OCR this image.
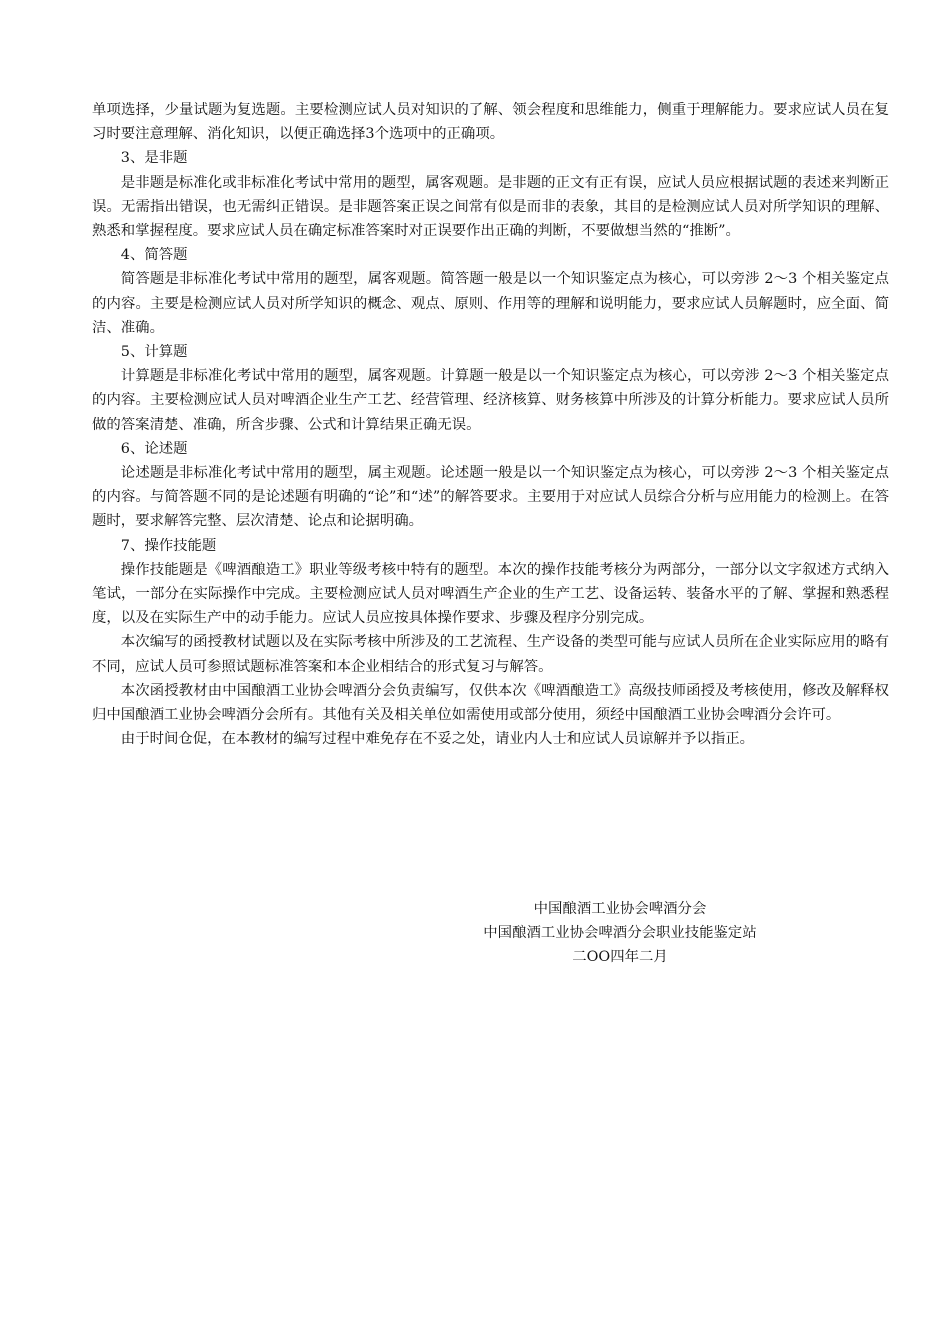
单项选择，少量试题为复选题。主要检测应试人员对知识的了解、领会程度和思维能力，侧重于理解能力。要求应试人员在复习时要注意理解、消化知识，以便正确选择3个选项中的正确项。

3、是非题

是非题是标准化或非标准化考试中常用的题型，属客观题。是非题的正文有正有误，应试人员应根据试题的表述来判断正误。无需指出错误，也无需纠正错误。是非题答案正误之间常有似是而非的表象，其目的是检测应试人员对所学知识的理解、熟悉和掌握程度。要求应试人员在确定标准答案时对正误要作出正确的判断，不要做想当然的“推断”。

4、简答题

简答题是非标准化考试中常用的题型，属客观题。简答题一般是以一个知识鉴定点为核心，可以旁涉 2～3 个相关鉴定点的内容。主要是检测应试人员对所学知识的概念、观点、原则、作用等的理解和说明能力，要求应试人员解题时，应全面、简洁、准确。

5、计算题

计算题是非标准化考试中常用的题型，属客观题。计算题一般是以一个知识鉴定点为核心，可以旁涉 2～3 个相关鉴定点的内容。主要检测应试人员对啤酒企业生产工艺、经营管理、经济核算、财务核算中所涉及的计算分析能力。要求应试人员所做的答案清楚、准确，所含步骤、公式和计算结果正确无误。

6、论述题

论述题是非标准化考试中常用的题型，属主观题。论述题一般是以一个知识鉴定点为核心，可以旁涉 2～3 个相关鉴定点的内容。与简答题不同的是论述题有明确的“论”和“述”的解答要求。主要用于对应试人员综合分析与应用能力的检测上。在答题时，要求解答完整、层次清楚、论点和论据明确。

7、操作技能题

操作技能题是《啤酒酿造工》职业等级考核中特有的题型。本次的操作技能考核分为两部分，一部分以文字叙述方式纳入笔试，一部分在实际操作中完成。主要检测应试人员对啤酒生产企业的生产工艺、设备运转、装备水平的了解、掌握和熟悉程度，以及在实际生产中的动手能力。应试人员应按具体操作要求、步骤及程序分别完成。

本次编写的函授教材试题以及在实际考核中所涉及的工艺流程、生产设备的类型可能与应试人员所在企业实际应用的略有不同，应试人员可参照试题标准答案和本企业相结合的形式复习与解答。

本次函授教材由中国酿酒工业协会啤酒分会负责编写，仅供本次《啤酒酿造工》高级技师函授及考核使用，修改及解释权归中国酿酒工业协会啤酒分会所有。其他有关及相关单位如需使用或部分使用，须经中国酿酒工业协会啤酒分会许可。

由于时间仓促，在本教材的编写过程中难免存在不妥之处，请业内人士和应试人员谅解并予以指正。

中国酿酒工业协会啤酒分会
中国酿酒工业协会啤酒分会职业技能鉴定站
二OO四年二月
